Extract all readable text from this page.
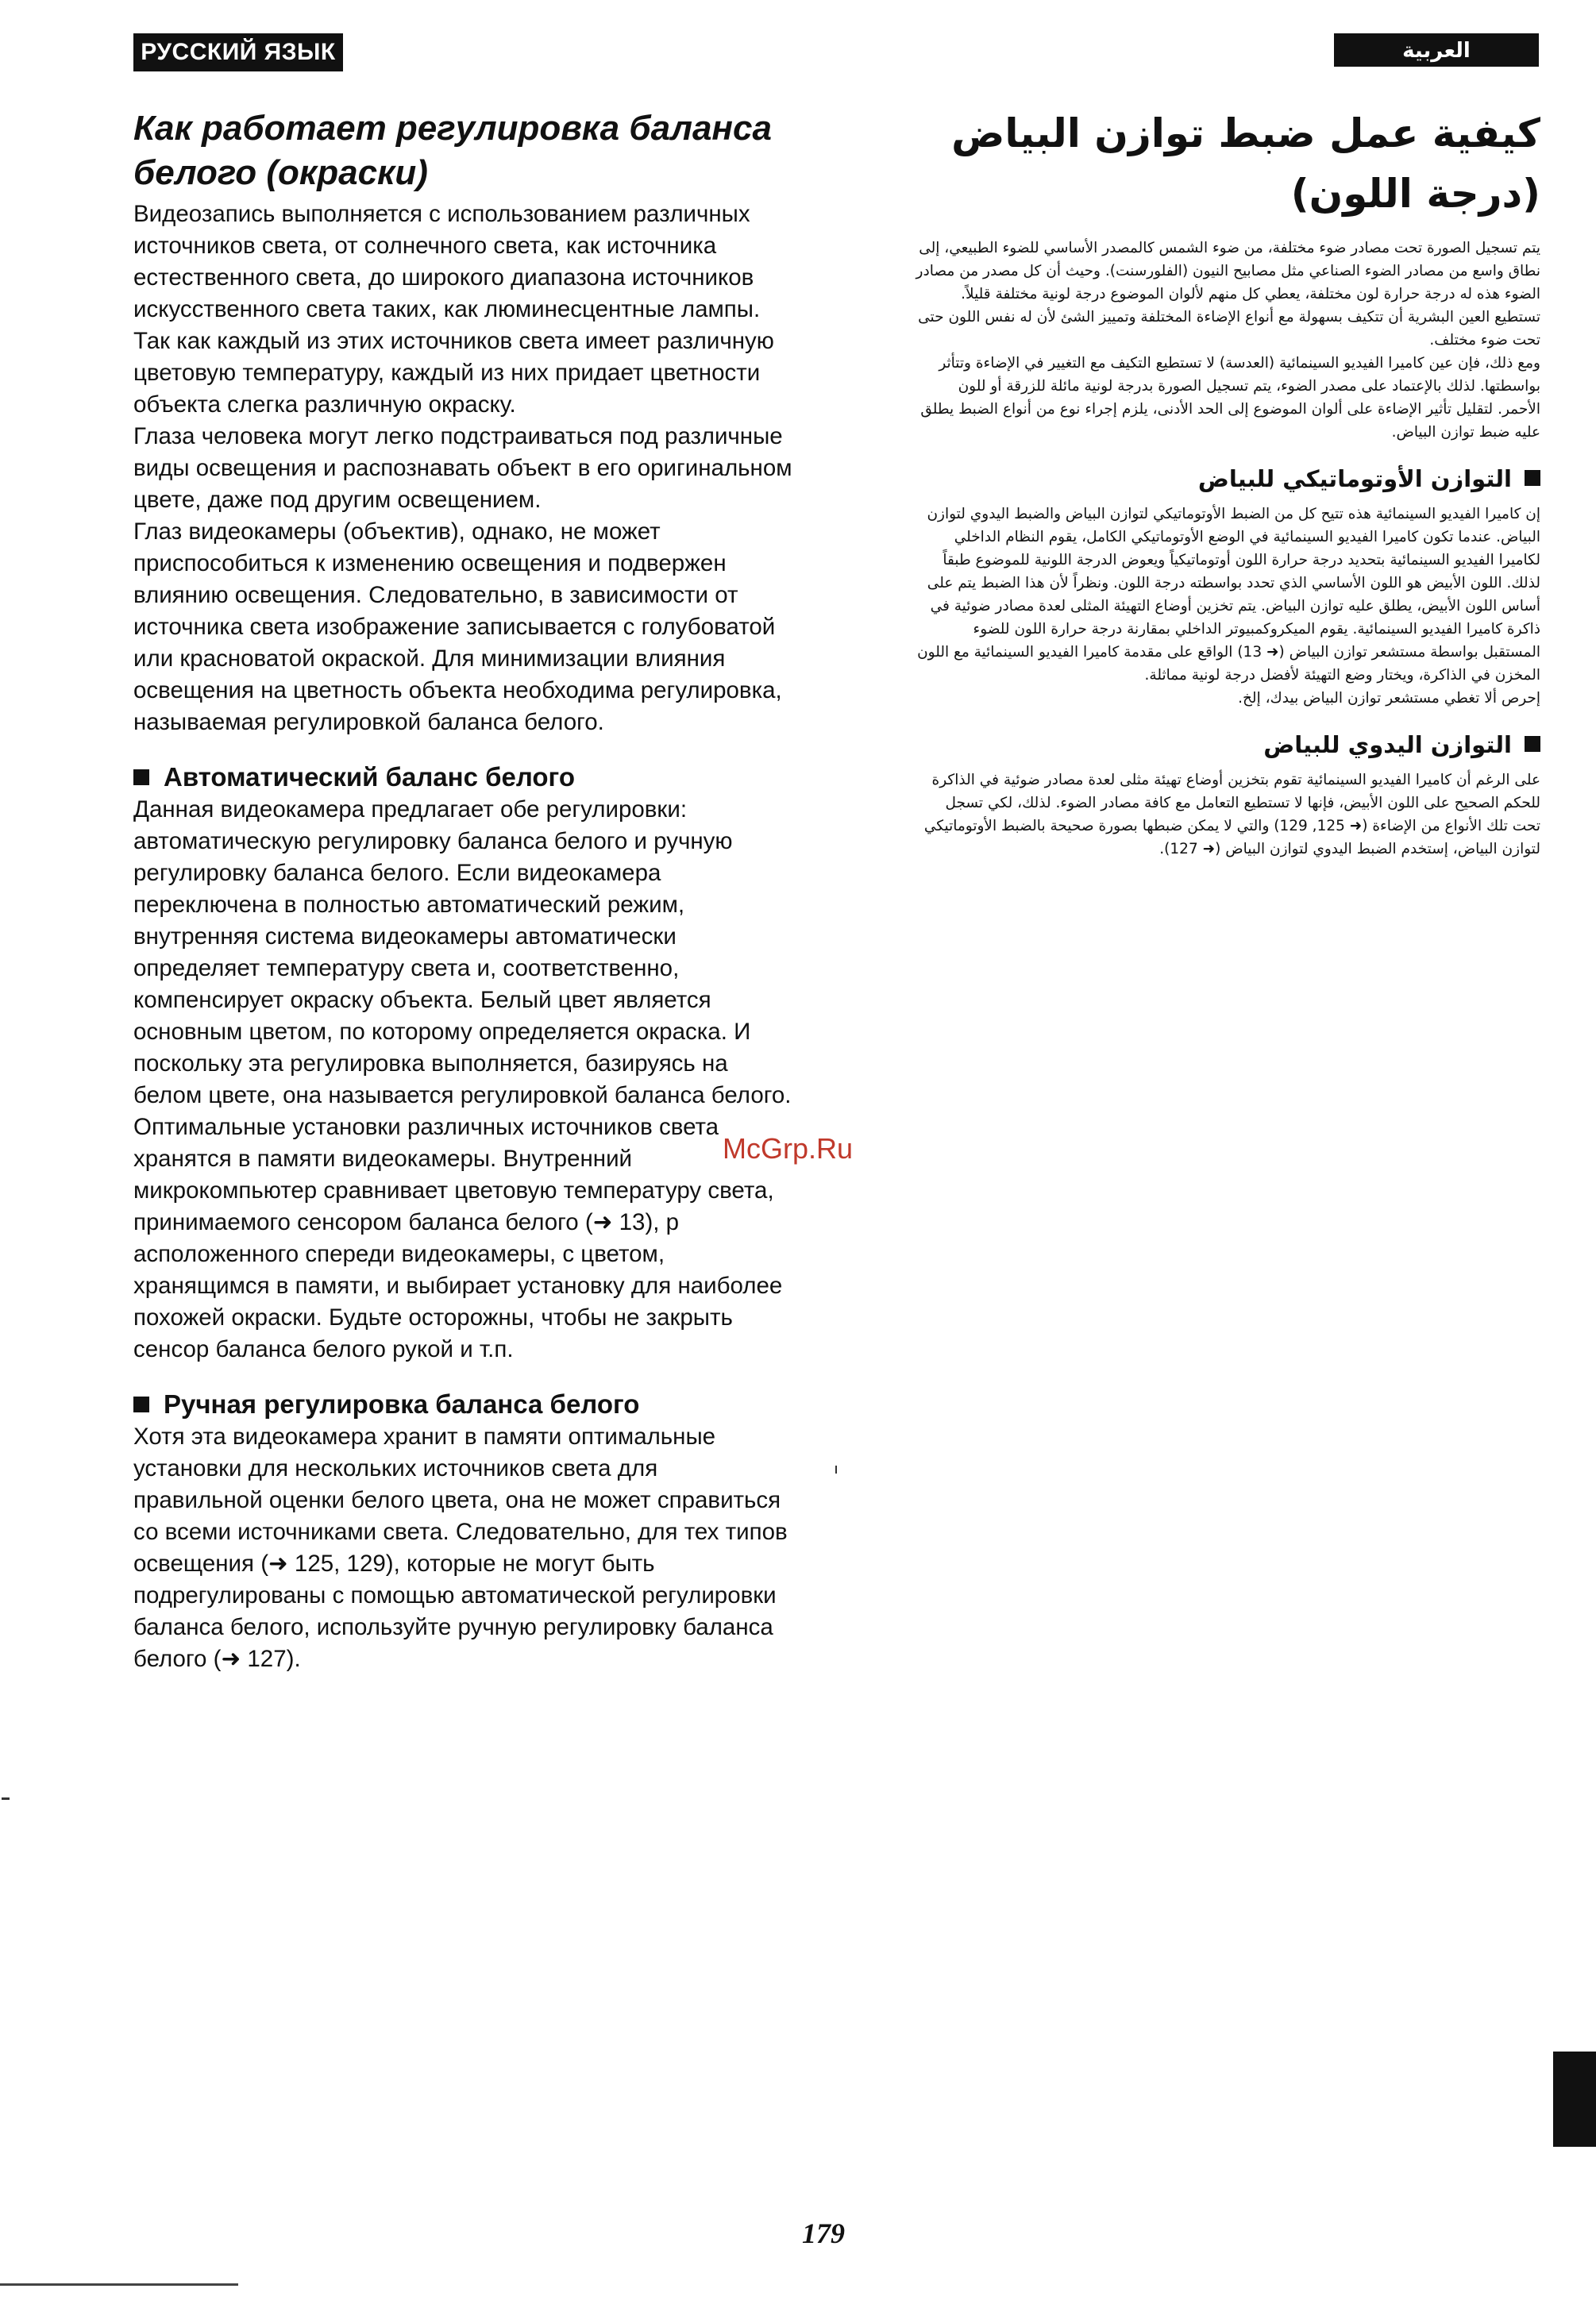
РУССКИЙ ЯЗЫК	العربية
Как работает регулировка баланса белого (окраски)
Видеозапись выполняется с использованием различных источников света, от солнечного света, как источника естественного света, до широкого диапазона источников искусственного света таких, как люминесцентные лампы. Так как каждый из этих источников света имеет различную цветовую температуру, каждый из них придает цветности объекта слегка различную окраску.
Глаза человека могут легко подстраиваться под различные виды освещения и распознавать объект в его оригинальном цвете, даже под другим освещением.
Глаз видеокамеры (объектив), однако, не может приспособиться к изменению освещения и подвержен влиянию освещения. Следовательно, в зависимости от источника света изображение записывается с голубоватой или красноватой окраской. Для минимизации влияния освещения на цветность объекта необходима регулировка, называемая регулировкой баланса белого.
Автоматический баланс белого
Данная видеокамера предлагает обе регулировки: автоматическую регулировку баланса белого и ручную регулировку баланса белого. Если видеокамера переключена в полностью автоматический режим, внутренняя система видеокамеры автоматически определяет температуру света и, соответственно, компенсирует окраску объекта. Белый цвет является основным цветом, по которому определяется окраска. И поскольку эта регулировка выполняется, базируясь на белом цвете, она называется регулировкой баланса белого. Оптимальные установки различных источников света хранятся в памяти видеокамеры. Внутренний микрокомпьютер сравнивает цветовую температуру света, принимаемого сенсором баланса белого (➜ 13), р асположенного спереди видеокамеры, с цветом, хранящимся в памяти, и выбирает установку для наиболее похожей окраски. Будьте осторожны, чтобы не закрыть сенсор баланса белого рукой и т.п.
Ручная регулировка баланса белого
Хотя эта видеокамера хранит в памяти оптимальные установки для нескольких источников света для правильной оценки белого цвета, она не может справиться со всеми источниками света. Следовательно, для тех типов освещения (➜ 125, 129), которые не могут быть подрегулированы с помощью автоматической регулировки баланса белого, используйте ручную регулировку баланса белого (➜ 127).
كيفية عمل ضبط توازن البياض (درجة اللون)
يتم تسجيل الصورة تحت مصادر ضوء مختلفة، من ضوء الشمس كالمصدر الأساسي للضوء الطبيعي، إلى نطاق واسع من مصادر الضوء الصناعي مثل مصابيح النيون (الفلورسنت). وحيث أن كل مصدر من مصادر الضوء هذه له درجة حرارة لون مختلفة، يعطي كل منهم لألوان الموضوع درجة لونية مختلفة قليلاً.
تستطيع العين البشرية أن تتكيف بسهولة مع أنواع الإضاءة المختلفة وتمييز الشئ لأن له نفس اللون حتى تحت ضوء مختلف.
ومع ذلك، فإن عين كاميرا الفيديو السينمائية (العدسة) لا تستطيع التكيف مع التغيير في الإضاءة وتتأثر بواسطتها. لذلك بالإعتماد على مصدر الضوء، يتم تسجيل الصورة بدرجة لونية مائلة للزرقة أو للون الأحمر. لتقليل تأثير الإضاءة على ألوان الموضوع إلى الحد الأدنى، يلزم إجراء نوع من أنواع الضبط يطلق عليه ضبط توازن البياض.
التوازن الأوتوماتيكي للبياض
إن كاميرا الفيديو السينمائية هذه تتيح كل من الضبط الأوتوماتيكي لتوازن البياض والضبط اليدوي لتوازن البياض. عندما تكون كاميرا الفيديو السينمائية في الوضع الأوتوماتيكي الكامل، يقوم النظام الداخلي لكاميرا الفيديو السينمائية بتحديد درجة حرارة اللون أوتوماتيكياً ويعوض الدرجة اللونية للموضوع طبقاً لذلك. اللون الأبيض هو اللون الأساسي الذي تحدد بواسطته درجة اللون. ونظراً لأن هذا الضبط يتم على أساس اللون الأبيض، يطلق عليه توازن البياض. يتم تخزين أوضاع التهيئة المثلى لعدة مصادر ضوئية في ذاكرة كاميرا الفيديو السينمائية. يقوم الميكروكمبيوتر الداخلي بمقارنة درجة حرارة اللون للضوء المستقبل بواسطة مستشعر توازن البياض (➜ 13) الواقع على مقدمة كاميرا الفيديو السينمائية مع اللون المخزن في الذاكرة، ويختار وضع التهيئة لأفضل درجة لونية مماثلة.
إحرص ألا تغطي مستشعر توازن البياض بيدك، إلخ.
التوازن اليدوي للبياض
على الرغم أن كاميرا الفيديو السينمائية تقوم بتخزين أوضاع تهيئة مثلى لعدة مصادر ضوئية في الذاكرة للحكم الصحيح على اللون الأبيض، فإنها لا تستطيع التعامل مع كافة مصادر الضوء. لذلك، لكي تسجل تحت تلك الأنواع من الإضاءة (➜ 125, 129) والتي لا يمكن ضبطها بصورة صحيحة بالضبط الأوتوماتيكي لتوازن البياض، إستخدم الضبط اليدوي لتوازن البياض (➜ 127).
McGrp.Ru
179
